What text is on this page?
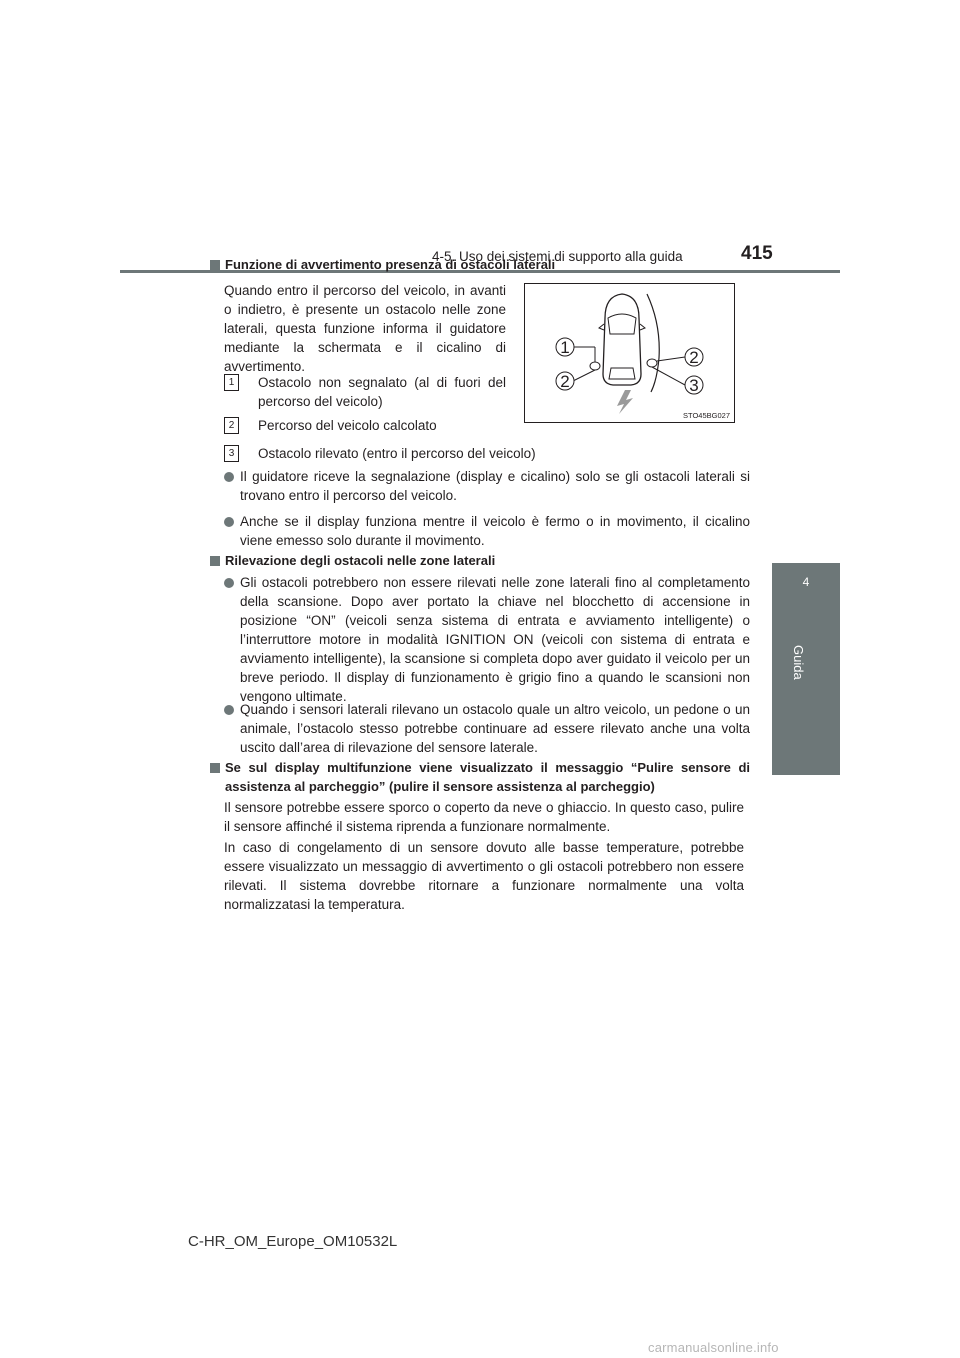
4-5. Uso dei sistemi di supporto alla guida	415
4
Guida
Funzione di avvertimento presenza di ostacoli laterali
Quando entro il percorso del veicolo, in avanti o indietro, è presente un ostacolo nelle zone laterali, questa funzione informa il guidatore mediante la schermata e il cicalino di avvertimento.
1	Ostacolo non segnalato (al di fuori del percorso del veicolo)
2	Percorso del veicolo calcolato
3	Ostacolo rilevato (entro il percorso del veicolo)
1
2
2
3
STO45BG027
Il guidatore riceve la segnalazione (display e cicalino) solo se gli ostacoli laterali si trovano entro il percorso del veicolo.
Anche se il display funziona mentre il veicolo è fermo o in movimento, il cicalino viene emesso solo durante il movimento.
Rilevazione degli ostacoli nelle zone laterali
Gli ostacoli potrebbero non essere rilevati nelle zone laterali fino al completamento della scansione. Dopo aver portato la chiave nel blocchetto di accensione in posizione “ON” (veicoli senza sistema di entrata e avviamento intelligente) o l’interruttore motore in modalità IGNITION ON (veicoli con sistema di entrata e avviamento intelligente), la scansione si completa dopo aver guidato il veicolo per un breve periodo. Il display di funzionamento è grigio fino a quando le scansioni non vengono ultimate.
Quando i sensori laterali rilevano un ostacolo quale un altro veicolo, un pedone o un animale, l’ostacolo stesso potrebbe continuare ad essere rilevato anche una volta uscito dall’area di rilevazione del sensore laterale.
Se sul display multifunzione viene visualizzato il messaggio “Pulire sensore di assistenza al parcheggio” (pulire il sensore assistenza al parcheggio)
Il sensore potrebbe essere sporco o coperto da neve o ghiaccio. In questo caso, pulire il sensore affinché il sistema riprenda a funzionare normalmente.
In caso di congelamento di un sensore dovuto alle basse temperature, potrebbe essere visualizzato un messaggio di avvertimento o gli ostacoli potrebbero non essere rilevati. Il sistema dovrebbe ritornare a funzionare normalmente una volta normalizzatasi la temperatura.
C-HR_OM_Europe_OM10532L
carmanualsonline.info
